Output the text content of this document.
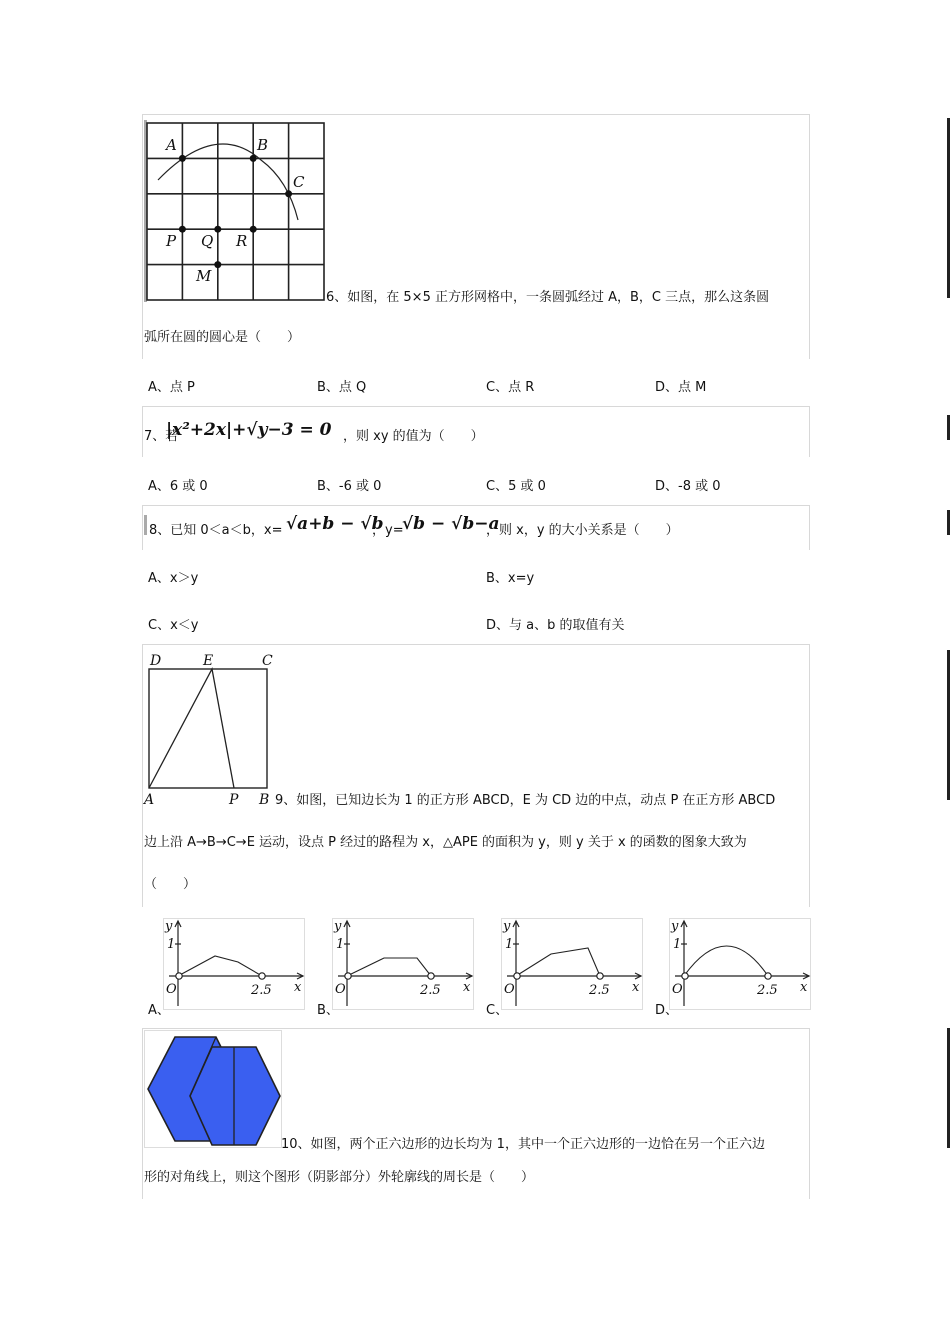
A	B
C
P Q R
M
6、如图，在 5×5 正方形网格中，一条圆弧经过 A，B，C 三点，那么这条圆
弧所在圆的圆心是（　　）
A、点 P	B、点 Q	C、点 R	D、点 M
7、若
|x²+2x|+√y−3 = 0 ，则 xy 的值为（　　）
A、6 或 0	B、-6 或 0	C、5 或 0	D、-8 或 0
8、已知 0＜a＜b，x= √a+b − √b
，y=
√b − √b−a
，则 x，y 的大小关系是（　　）
A、x＞y	B、x=y
C、x＜y	D、与 a、b 的取值有关
D	E	C
A	P B 9、如图，已知边长为 1 的正方形 ABCD，E 为 CD 边的中点，动点 P 在正方形 ABCD
边上沿 A→B→C→E 运动，设点 P 经过的路程为 x，△APE 的面积为 y，则 y 关于 x 的函数的图象大致为
（　　）
A、
y
1
O	2.5 x
B、
y
1
O	2.5 x
C、
y
1
O	2.5 x
D、
y
1
O	2.5 x
10、如图，两个正六边形的边长均为 1，其中一个正六边形的一边恰在另一个正六边
形的对角线上，则这个图形（阴影部分）外轮廓线的周长是（　　）
